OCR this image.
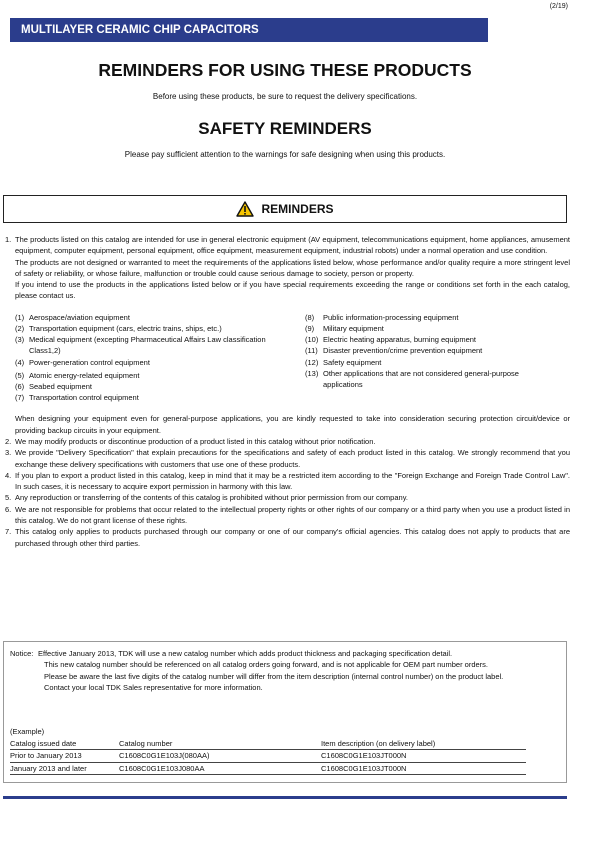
(2/19)
MULTILAYER CERAMIC CHIP CAPACITORS
REMINDERS FOR USING THESE PRODUCTS
Before using these products, be sure to request the delivery specifications.
SAFETY REMINDERS
Please pay sufficient attention to the warnings for safe designing when using this products.
REMINDERS
1. The products listed on this catalog are intended for use in general electronic equipment (AV equipment, telecommunications equipment, home appliances, amusement equipment, computer equipment, personal equipment, office equipment, measurement equipment, industrial robots) under a normal operation and use condition.

The products are not designed or warranted to meet the requirements of the applications listed below, whose performance and/or quality require a more stringent level of safety or reliability, or whose failure, malfunction or trouble could cause serious damage to society, person or property.

If you intend to use the products in the applications listed below or if you have special requirements exceeding the range or conditions set forth in the each catalog, please contact us.

(1) Aerospace/aviation equipment
(2) Transportation equipment (cars, electric trains, ships, etc.)
(3) Medical equipment (excepting Pharmaceutical Affairs Law classification Class1,2)
(4) Power-generation control equipment
(5) Atomic energy-related equipment
(6) Seabed equipment
(7) Transportation control equipment
(8) Public information-processing equipment
(9) Military equipment
(10) Electric heating apparatus, burning equipment
(11) Disaster prevention/crime prevention equipment
(12) Safety equipment
(13) Other applications that are not considered general-purpose applications

When designing your equipment even for general-purpose applications, you are kindly requested to take into consideration securing protection circuit/device or providing backup circuits in your equipment.

2. We may modify products or discontinue production of a product listed in this catalog without prior notification.

3. We provide "Delivery Specification" that explain precautions for the specifications and safety of each product listed in this catalog. We strongly recommend that you exchange these delivery specifications with customers that use one of these products.

4. If you plan to export a product listed in this catalog, keep in mind that it may be a restricted item according to the "Foreign Exchange and Foreign Trade Control Law". In such cases, it is necessary to acquire export permission in harmony with this law.

5. Any reproduction or transferring of the contents of this catalog is prohibited without prior permission from our company.

6. We are not responsible for problems that occur related to the intellectual property rights or other rights of our company or a third party when you use a product listed in this catalog. We do not grant license of these rights.

7. This catalog only applies to products purchased through our company or one of our company's official agencies. This catalog does not apply to products that are purchased through other third parties.

Notice: Effective January 2013, TDK will use a new catalog number which adds product thickness and packaging specification detail.

This new catalog number should be referenced on all catalog orders going forward, and is not applicable for OEM part number orders.

Please be aware the last five digits of the catalog number will differ from the item description (internal control number) on the product label.

Contact your local TDK Sales representative for more information.

(Example)
Catalog issued date	Catalog number	Item description (on delivery label)
Prior to January 2013	C1608C0G1E103J(080AA)	C1608C0G1E103JT000N
January 2013 and later	C1608C0G1E103J080AA	C1608C0G1E103JT000N
